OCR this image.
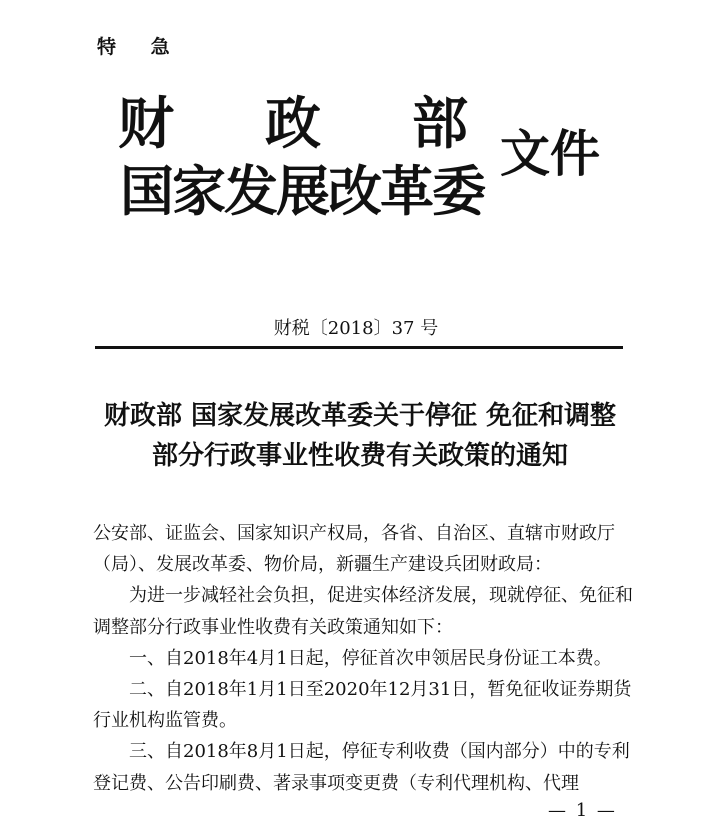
特 急
财 政 部
国家发展改革委
文件
财税〔2018〕37 号
财政部 国家发展改革委关于停征 免征和调整
部分行政事业性收费有关政策的通知

公安部、证监会、国家知识产权局，各省、自治区、直辖市财政厅（局）、发展改革委、物价局，新疆生产建设兵团财政局：

为进一步减轻社会负担，促进实体经济发展，现就停征、免征和调整部分行政事业性收费有关政策通知如下：

一、自2018年4月1日起，停征首次申领居民身份证工本费。

二、自2018年1月1日至2020年12月31日，暂免征收证券期货行业机构监管费。

三、自2018年8月1日起，停征专利收费（国内部分）中的专利登记费、公告印刷费、著录事项变更费（专利代理机构、代理

— 1 —
